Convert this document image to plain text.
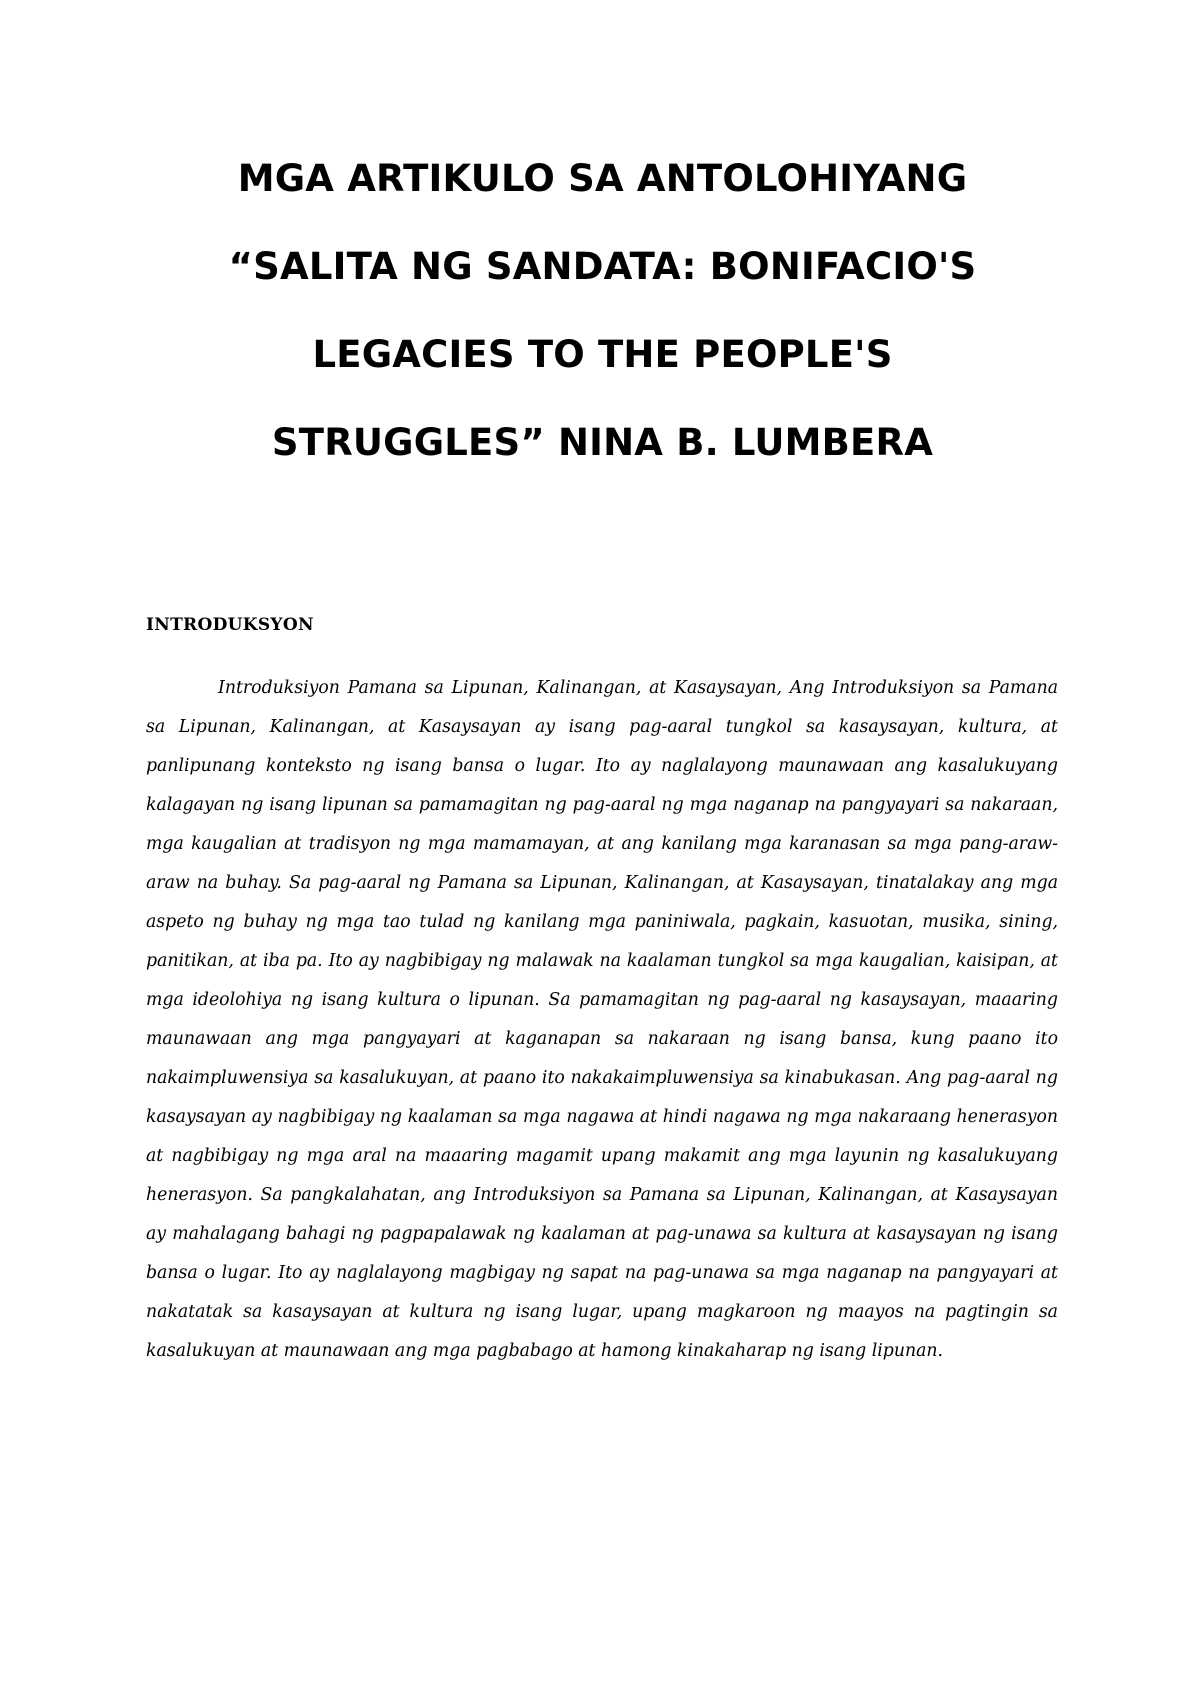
MGA ARTIKULO SA ANTOLOHIYANG
“SALITA NG SANDATA: BONIFACIO'S
LEGACIES TO THE PEOPLE'S
STRUGGLES” NINA B. LUMBERA
INTRODUKSYON

Introduksiyon Pamana sa Lipunan, Kalinangan, at Kasaysayan, Ang Introduksiyon sa Pamana sa Lipunan, Kalinangan, at Kasaysayan ay isang pag-aaral tungkol sa kasaysayan, kultura, at panlipunang konteksto ng isang bansa o lugar. Ito ay naglalayong maunawaan ang kasalukuyang kalagayan ng isang lipunan sa pamamagitan ng pag-aaral ng mga naganap na pangyayari sa nakaraan, mga kaugalian at tradisyon ng mga mamamayan, at ang kanilang mga karanasan sa mga pang-araw-araw na buhay. Sa pag-aaral ng Pamana sa Lipunan, Kalinangan, at Kasaysayan, tinatalakay ang mga aspeto ng buhay ng mga tao tulad ng kanilang mga paniniwala, pagkain, kasuotan, musika, sining, panitikan, at iba pa. Ito ay nagbibigay ng malawak na kaalaman tungkol sa mga kaugalian, kaisipan, at mga ideolohiya ng isang kultura o lipunan. Sa pamamagitan ng pag-aaral ng kasaysayan, maaaring maunawaan ang mga pangyayari at kaganapan sa nakaraan ng isang bansa, kung paano ito nakaimpluwensiya sa kasalukuyan, at paano ito nakakaimpluwensiya sa kinabukasan. Ang pag-aaral ng kasaysayan ay nagbibigay ng kaalaman sa mga nagawa at hindi nagawa ng mga nakaraang henerasyon at nagbibigay ng mga aral na maaaring magamit upang makamit ang mga layunin ng kasalukuyang henerasyon. Sa pangkalahatan, ang Introduksiyon sa Pamana sa Lipunan, Kalinangan, at Kasaysayan ay mahalagang bahagi ng pagpapalawak ng kaalaman at pag-unawa sa kultura at kasaysayan ng isang bansa o lugar. Ito ay naglalayong magbigay ng sapat na pag-unawa sa mga naganap na pangyayari at nakatatak sa kasaysayan at kultura ng isang lugar, upang magkaroon ng maayos na pagtingin sa kasalukuyan at maunawaan ang mga pagbabago at hamong kinakaharap ng isang lipunan.
